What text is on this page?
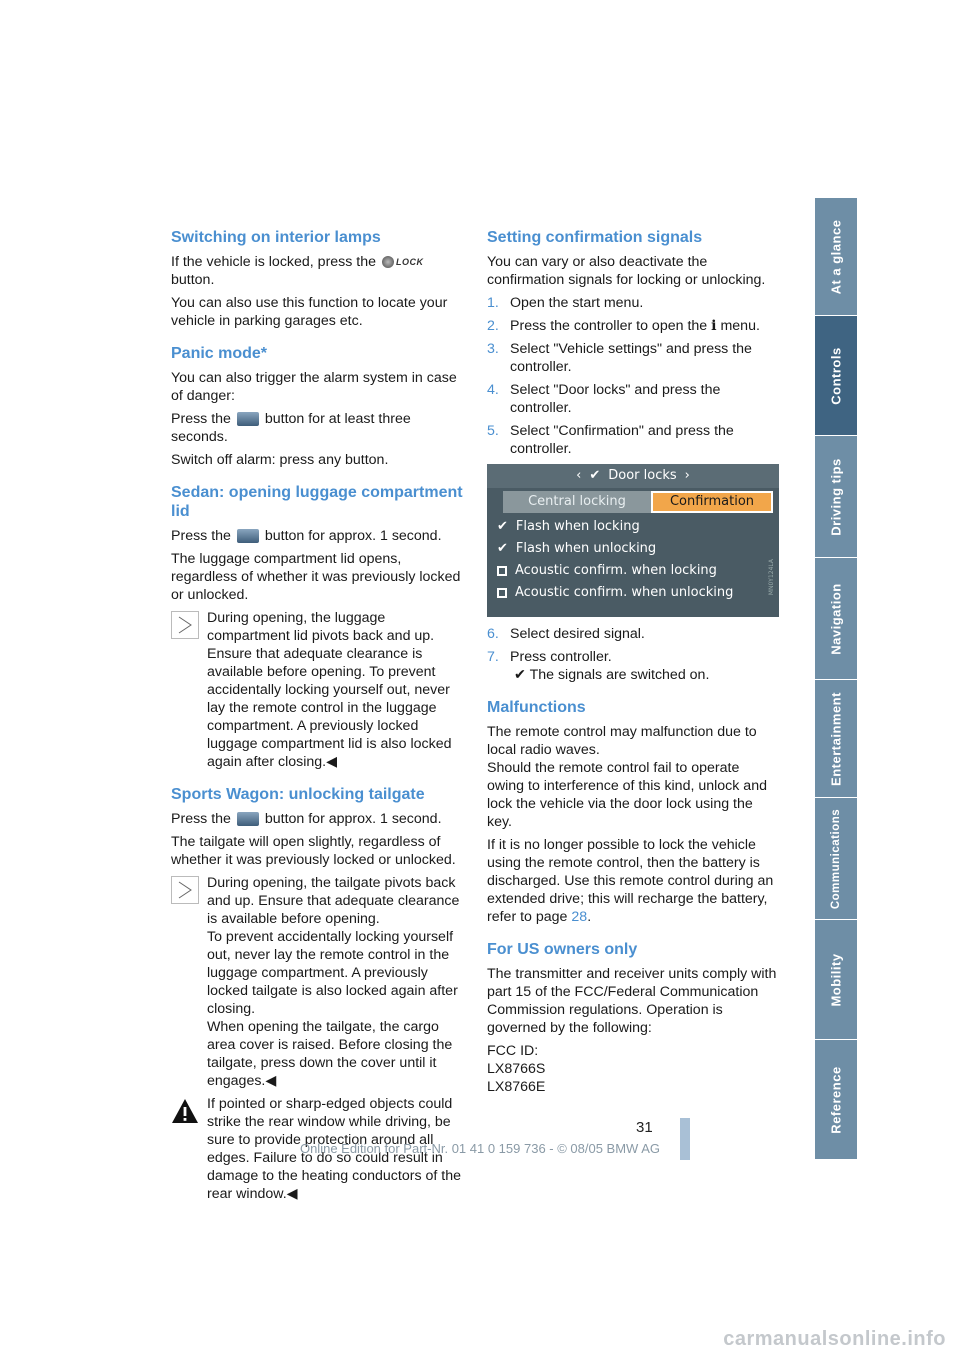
Switching on interior lamps

If the vehicle is locked, press the LOCK
button.

You can also use this function to locate your vehicle in parking garages etc.

Panic mode*

You can also trigger the alarm system in case of danger:

Press the button for at least three seconds.

Switch off alarm: press any button.

Sedan: opening luggage compartment lid

Press the button for approx. 1 second.

The luggage compartment lid opens, regardless of whether it was previously locked or unlocked.

During opening, the luggage compartment lid pivots back and up. Ensure that adequate clearance is available before opening. To prevent accidentally locking yourself out, never lay the remote control in the luggage compartment. A previously locked luggage compartment lid is also locked again after closing.◀

Sports Wagon: unlocking tailgate

Press the button for approx. 1 second.

The tailgate will open slightly, regardless of whether it was previously locked or unlocked.

During opening, the tailgate pivots back and up. Ensure that adequate clearance is available before opening.

To prevent accidentally locking yourself out, never lay the remote control in the luggage compartment. A previously locked tailgate is also locked again after closing.

When opening the tailgate, the cargo area cover is raised. Before closing the tailgate, press down the cover until it engages.◀

If pointed or sharp-edged objects could strike the rear window while driving, be sure to provide protection around all edges. Failure to do so could result in damage to the heating conductors of the rear window.◀

Setting confirmation signals

You can vary or also deactivate the confirmation signals for locking or unlocking.

1. Open the start menu.
2. Press the controller to open the i menu.
3. Select "Vehicle settings" and press the controller.
4. Select "Door locks" and press the controller.
5. Select "Confirmation" and press the controller.
‹ ✔ Door locks ›
Central locking	Confirmation
✔ Flash when locking
✔ Flash when unlocking
Acoustic confirm. when locking
Acoustic confirm. when unlocking	MN0Y124LA
6. Select desired signal.
7. Press controller.
✔ The signals are switched on.
Malfunctions

The remote control may malfunction due to local radio waves.

Should the remote control fail to operate owing to interference of this kind, unlock and lock the vehicle via the door lock using the key.

If it is no longer possible to lock the vehicle using the remote control, then the battery is discharged. Use this remote control during an extended drive; this will recharge the battery, refer to page 28.

For US owners only

The transmitter and receiver units comply with part 15 of the FCC/Federal Communication Commission regulations. Operation is governed by the following:

FCC ID:
LX8766S
LX8766E

At a glance
Controls
Driving tips
Navigation
Entertainment
Communications
Mobility
Reference
31
Online Edition for Part-Nr. 01 41 0 159 736 - © 08/05 BMW AG
carmanualsonline.info
